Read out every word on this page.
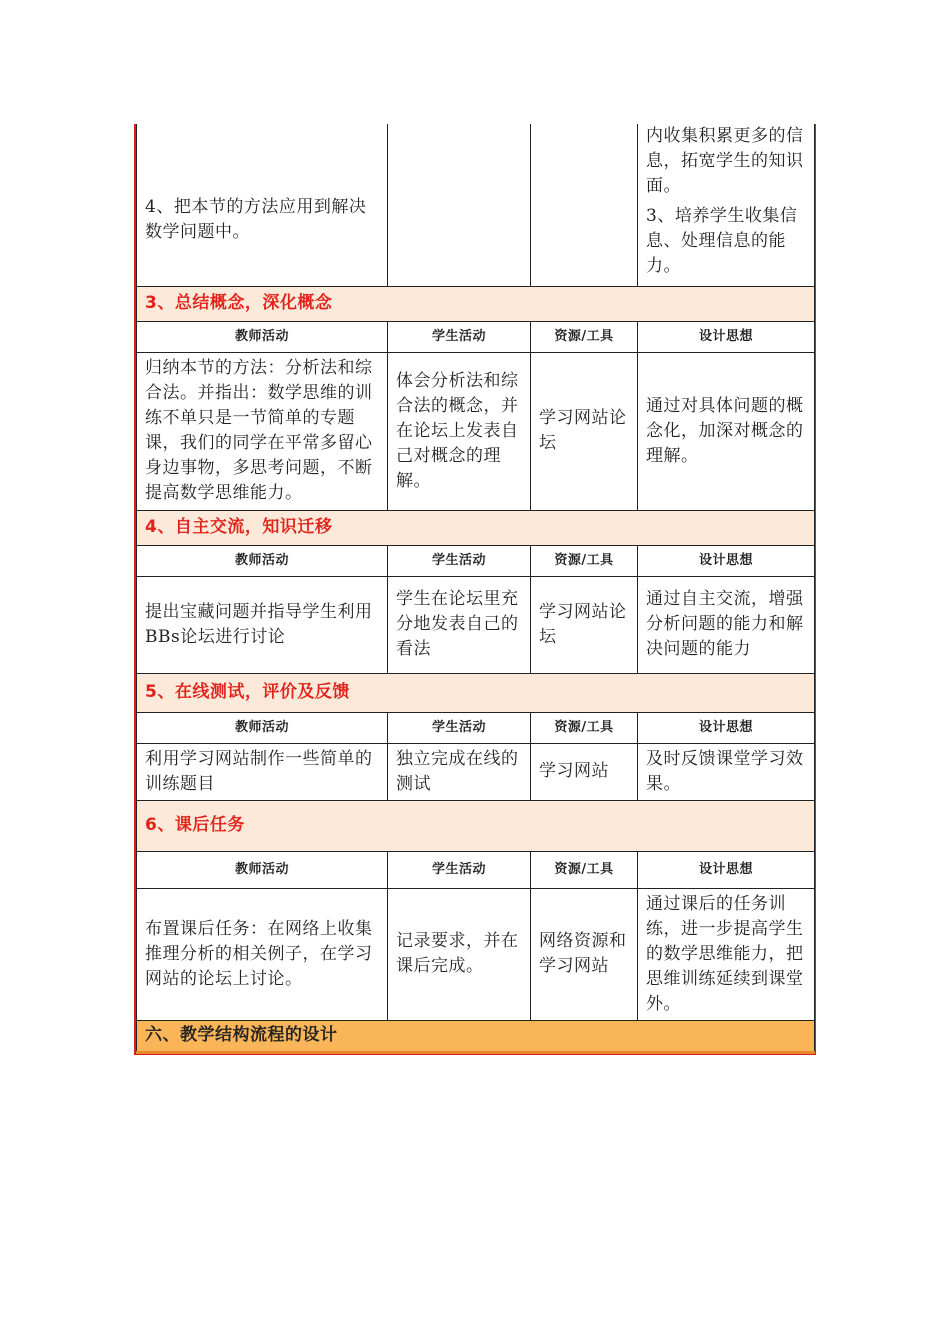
4、把本节的方法应用到解决数学问题中。			内收集积累更多的信息，拓宽学生的知识面。
3、培养学生收集信息、处理信息的能力。

3、总结概念，深化概念			
教师活动	学生活动	资源/工具	设计思想
归纳本节的方法：分析法和综合法。并指出：数学思维的训练不单只是一节简单的专题课，我们的同学在平常多留心身边事物，多思考问题，不断提高数学思维能力。	体会分析法和综合法的概念，并在论坛上发表自己对概念的理解。	学习网站论坛	通过对具体问题的概念化，加深对概念的理解。
4、自主交流，知识迁移			
教师活动	学生活动	资源/工具	设计思想
提出宝藏问题并指导学生利用BBs论坛进行讨论	学生在论坛里充分地发表自己的看法	学习网站论坛	通过自主交流，增强分析问题的能力和解决问题的能力
5、在线测试，评价及反馈			
教师活动	学生活动	资源/工具	设计思想
利用学习网站制作一些简单的训练题目	独立完成在线的测试	学习网站	及时反馈课堂学习效果。
6、课后任务			
教师活动	学生活动	资源/工具	设计思想
布置课后任务：在网络上收集推理分析的相关例子，在学习网站的论坛上讨论。	记录要求，并在课后完成。	网络资源和学习网站	通过课后的任务训练，进一步提高学生的数学思维能力，把思维训练延续到课堂外。
六、教学结构流程的设计			
